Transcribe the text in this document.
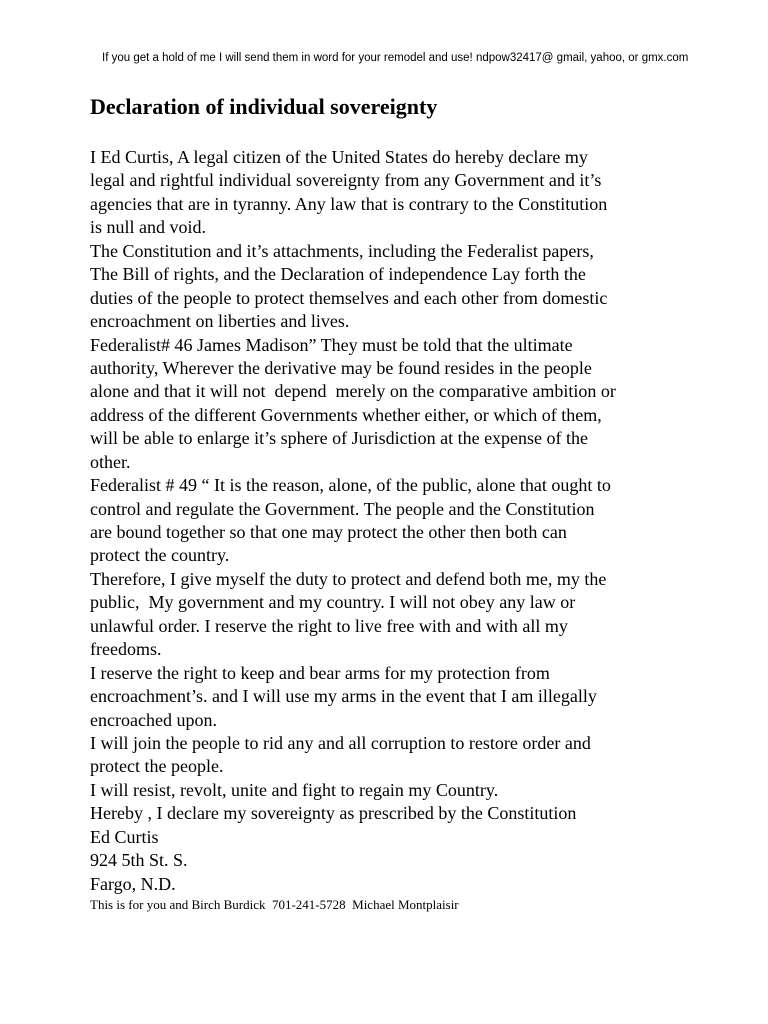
If you get a hold of me I will send them in word for your remodel and use! ndpow32417@ gmail, yahoo, or gmx.com
Declaration of individual sovereignty
I Ed Curtis, A legal citizen of the United States do hereby declare my
legal and rightful individual sovereignty from any Government and it’s
agencies that are in tyranny. Any law that is contrary to the Constitution
is null and void.
The Constitution and it’s attachments, including the Federalist papers,
The Bill of rights, and the Declaration of independence Lay forth the
duties of the people to protect themselves and each other from domestic
encroachment on liberties and lives.
Federalist# 46 James Madison” They must be told that the ultimate
authority, Wherever the derivative may be found resides in the people
alone and that it will not  depend  merely on the comparative ambition or
address of the different Governments whether either, or which of them,
will be able to enlarge it’s sphere of Jurisdiction at the expense of the
other.
Federalist # 49 “ It is the reason, alone, of the public, alone that ought to
control and regulate the Government. The people and the Constitution
are bound together so that one may protect the other then both can
protect the country.
Therefore, I give myself the duty to protect and defend both me, my the
public,  My government and my country. I will not obey any law or
unlawful order. I reserve the right to live free with and with all my
freedoms.
I reserve the right to keep and bear arms for my protection from
encroachment’s. and I will use my arms in the event that I am illegally
encroached upon.
I will join the people to rid any and all corruption to restore order and
protect the people.
I will resist, revolt, unite and fight to regain my Country.
Hereby , I declare my sovereignty as prescribed by the Constitution
Ed Curtis
924 5th St. S.
Fargo, N.D.
This is for you and Birch Burdick  701-241-5728  Michael Montplaisir
